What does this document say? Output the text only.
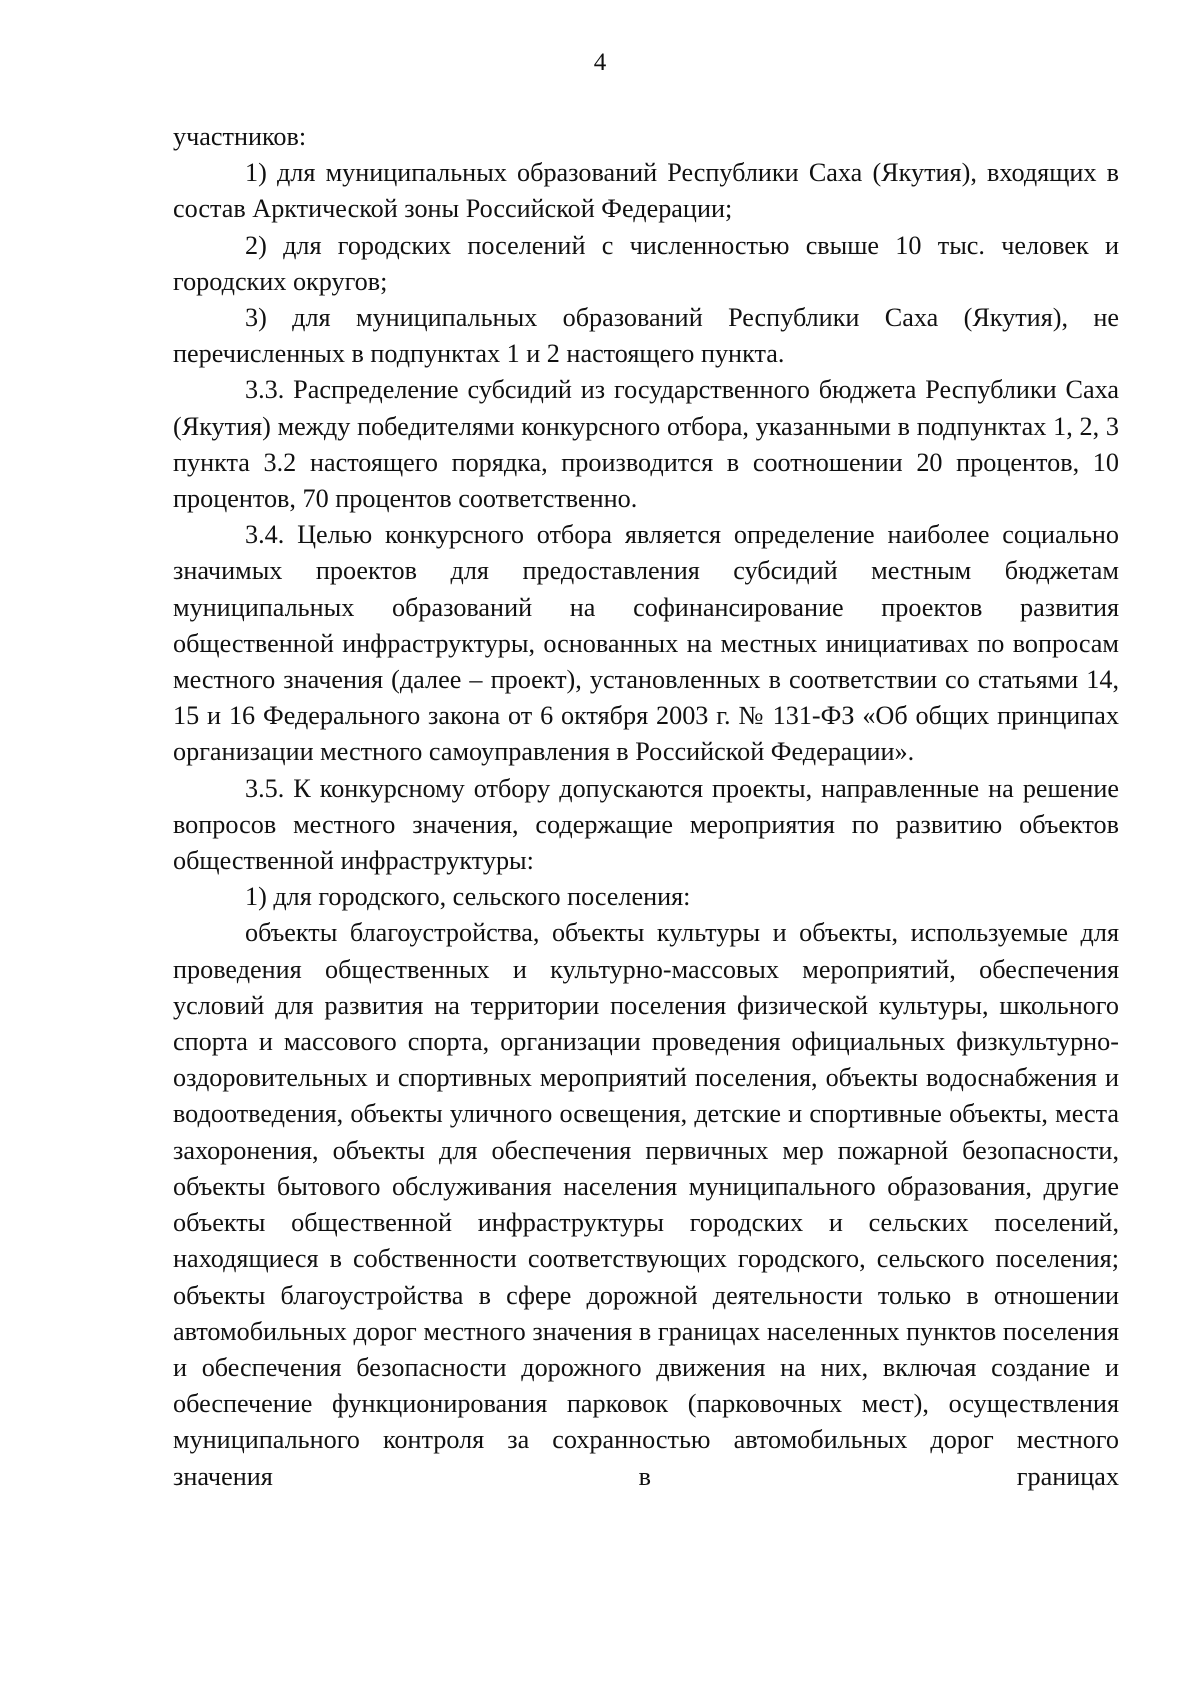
4

участников:

1) для муниципальных образований Республики Саха (Якутия), входящих в состав Арктической зоны Российской Федерации;

2) для городских поселений с численностью свыше 10 тыс. человек и городских округов;

3) для муниципальных образований Республики Саха (Якутия), не перечисленных в подпунктах 1 и 2 настоящего пункта.

3.3. Распределение субсидий из государственного бюджета Республики Саха (Якутия) между победителями конкурсного отбора, указанными в подпунктах 1, 2, 3 пункта 3.2 настоящего порядка, производится в соотношении 20 процентов, 10 процентов, 70 процентов соответственно.

3.4. Целью конкурсного отбора является определение наиболее социально значимых проектов для предоставления субсидий местным бюджетам муниципальных образований на софинансирование проектов развития общественной инфраструктуры, основанных на местных инициативах по вопросам местного значения (далее – проект), установленных в соответствии со статьями 14, 15 и 16 Федерального закона от 6 октября 2003 г. № 131-ФЗ «Об общих принципах организации местного самоуправления в Российской Федерации».

3.5. К конкурсному отбору допускаются проекты, направленные на решение вопросов местного значения, содержащие мероприятия по развитию объектов общественной инфраструктуры:

1) для городского, сельского поселения:

объекты благоустройства, объекты культуры и объекты, используемые для проведения общественных и культурно-массовых мероприятий, обеспечения условий для развития на территории поселения физической культуры, школьного спорта и массового спорта, организации проведения официальных физкультурно-оздоровительных и спортивных мероприятий поселения, объекты водоснабжения и водоотведения, объекты уличного освещения, детские и спортивные объекты, места захоронения, объекты для обеспечения первичных мер пожарной безопасности, объекты бытового обслуживания населения муниципального образования, другие объекты общественной инфраструктуры городских и сельских поселений, находящиеся в собственности соответствующих городского, сельского поселения; объекты благоустройства в сфере дорожной деятельности только в отношении автомобильных дорог местного значения в границах населенных пунктов поселения и обеспечения безопасности дорожного движения на них, включая создание и обеспечение функционирования парковок (парковочных мест), осуществления муниципального контроля за сохранностью автомобильных дорог местного значения в границах
